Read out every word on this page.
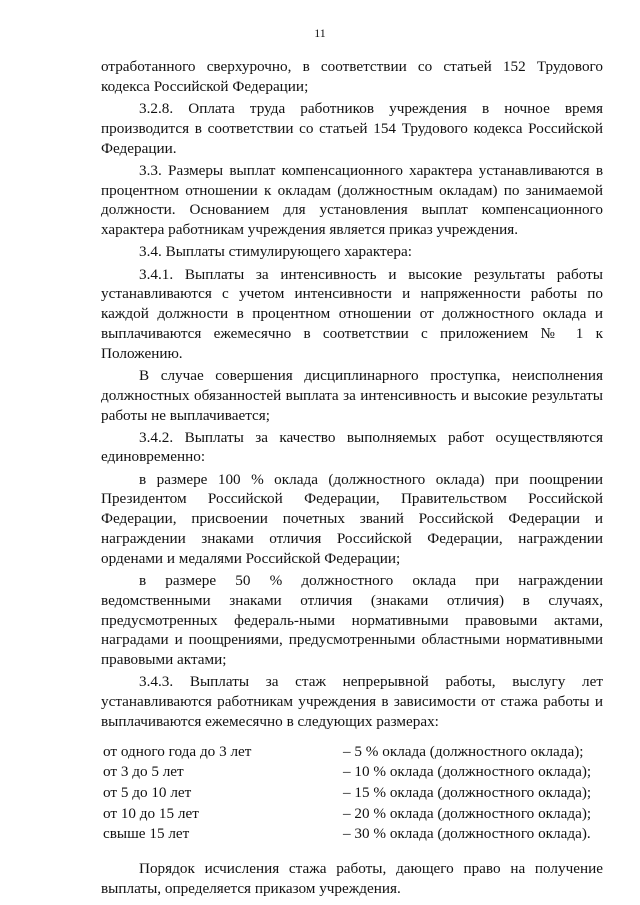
11

отработанного сверхурочно, в соответствии со статьей 152 Трудового кодекса Российской Федерации;

3.2.8. Оплата труда работников учреждения в ночное время производится в соответствии со статьей 154 Трудового кодекса Российской Федерации.

3.3. Размеры выплат компенсационного характера устанавливаются в процентном отношении к окладам (должностным окладам) по занимаемой должности. Основанием для установления выплат компенсационного характера работникам учреждения является приказ учреждения.

3.4. Выплаты стимулирующего характера:

3.4.1. Выплаты за интенсивность и высокие результаты работы устанавливаются с учетом интенсивности и напряженности работы по каждой должности в процентном отношении от должностного оклада и выплачиваются ежемесячно в соответствии с приложением № 1 к Положению.

В случае совершения дисциплинарного проступка, неисполнения должностных обязанностей выплата за интенсивность и высокие результаты работы не выплачивается;

3.4.2. Выплаты за качество выполняемых работ осуществляются единовременно:

в размере 100 % оклада (должностного оклада) при поощрении Президентом Российской Федерации, Правительством Российской Федерации, присвоении почетных званий Российской Федерации и награждении знаками отличия Российской Федерации, награждении орденами и медалями Российской Федерации;

в размере 50 % должностного оклада при награждении ведомственными знаками отличия (знаками отличия) в случаях, предусмотренных федераль-ными нормативными правовыми актами, наградами и поощрениями, предусмотренными областными нормативными правовыми актами;

3.4.3. Выплаты за стаж непрерывной работы, выслугу лет устанавливаются работникам учреждения в зависимости от стажа работы и выплачиваются ежемесячно в следующих размерах:

от одного года до 3 лет	– 5 % оклада (должностного оклада);
от 3 до 5 лет	– 10 % оклада (должностного оклада);
от 5 до 10 лет	– 15 % оклада (должностного оклада);
от 10 до 15 лет	– 20 % оклада (должностного оклада);
свыше 15 лет	– 30 % оклада (должностного оклада).

Порядок исчисления стажа работы, дающего право на получение выплаты, определяется приказом учреждения.
